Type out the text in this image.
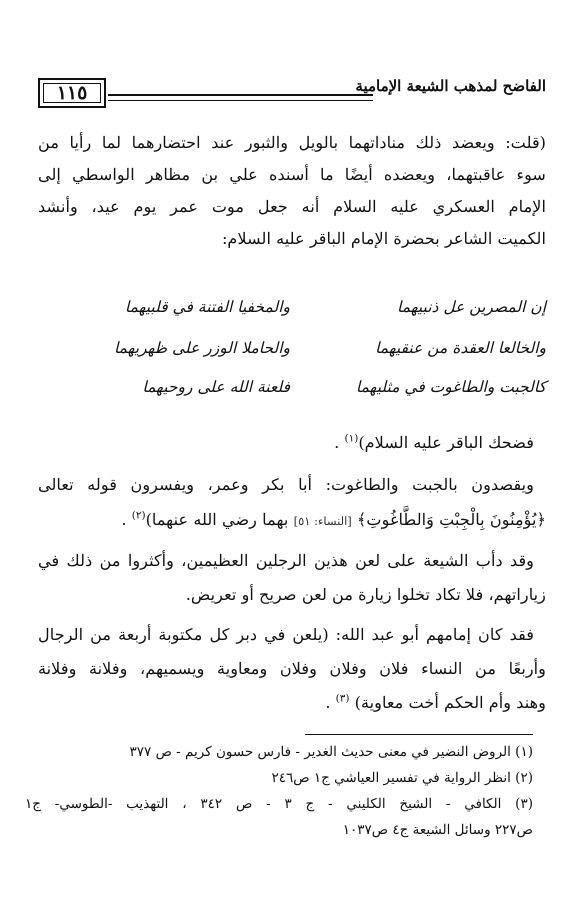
١١٥	الفاضح لمذهب الشيعة الإمامية
(قلت: ويعضد ذلك مناداتهما بالويل والثبور عند احتضارهما لما رأيا من
سوء عاقبتهما، ويعضده أيضًا ما أسنده علي بن مظاهر الواسطي إلى
الإمام العسكري عليه السلام أنه جعل موت عمر يوم عيد، وأنشد
الكميت الشاعر بحضرة الإمام الباقر عليه السلام:
إن المصرين عل ذنبيهما
والمخفيا الفتنة في قلبيهما
والخالعا العقدة من عنقيهما
والحاملا الوزر على ظهريهما
كالجبت والطاغوت في مثليهما
فلعنة الله على روحيهما
فضحك الباقر عليه السلام)$^{(١)}$ .
ويقصدون بالجبت والطاغوت: أبا بكر وعمر، ويفسرون قوله تعالى
﴿يُؤْمِنُونَ بِالْجِبْتِ وَالطَّاغُوتِ﴾ [النساء: ٥١] بهما رضي الله عنهما)$^{(٢)}$ .
وقد دأب الشيعة على لعن هذين الرجلين العظيمين، وأكثروا من ذلك في
زياراتهم، فلا تكاد تخلوا زيارة من لعن صريح أو تعريض.
فقد كان إمامهم أبو عبد الله: (يلعن في دبر كل مكتوبة أربعة من الرجال
وأربعًا من النساء فلان وفلان وفلان ومعاوية ويسميهم، وفلانة وفلانة
وهند وأم الحكم أخت معاوية) $^{(٣)}$ .
(١) الروض النضير في معنى حديث الغدير - فارس حسون كريم - ص ٣٧٧
(٢) انظر الرواية في تفسير العياشي ج١ ص٢٤٦
(٣) الكافي - الشيخ الكليني - ج ٣ - ص ٣٤٢ ، التهذيب -الطوسي- ج١
ص٢٢٧ وسائل الشيعة ج٤ ص١٠٣٧
